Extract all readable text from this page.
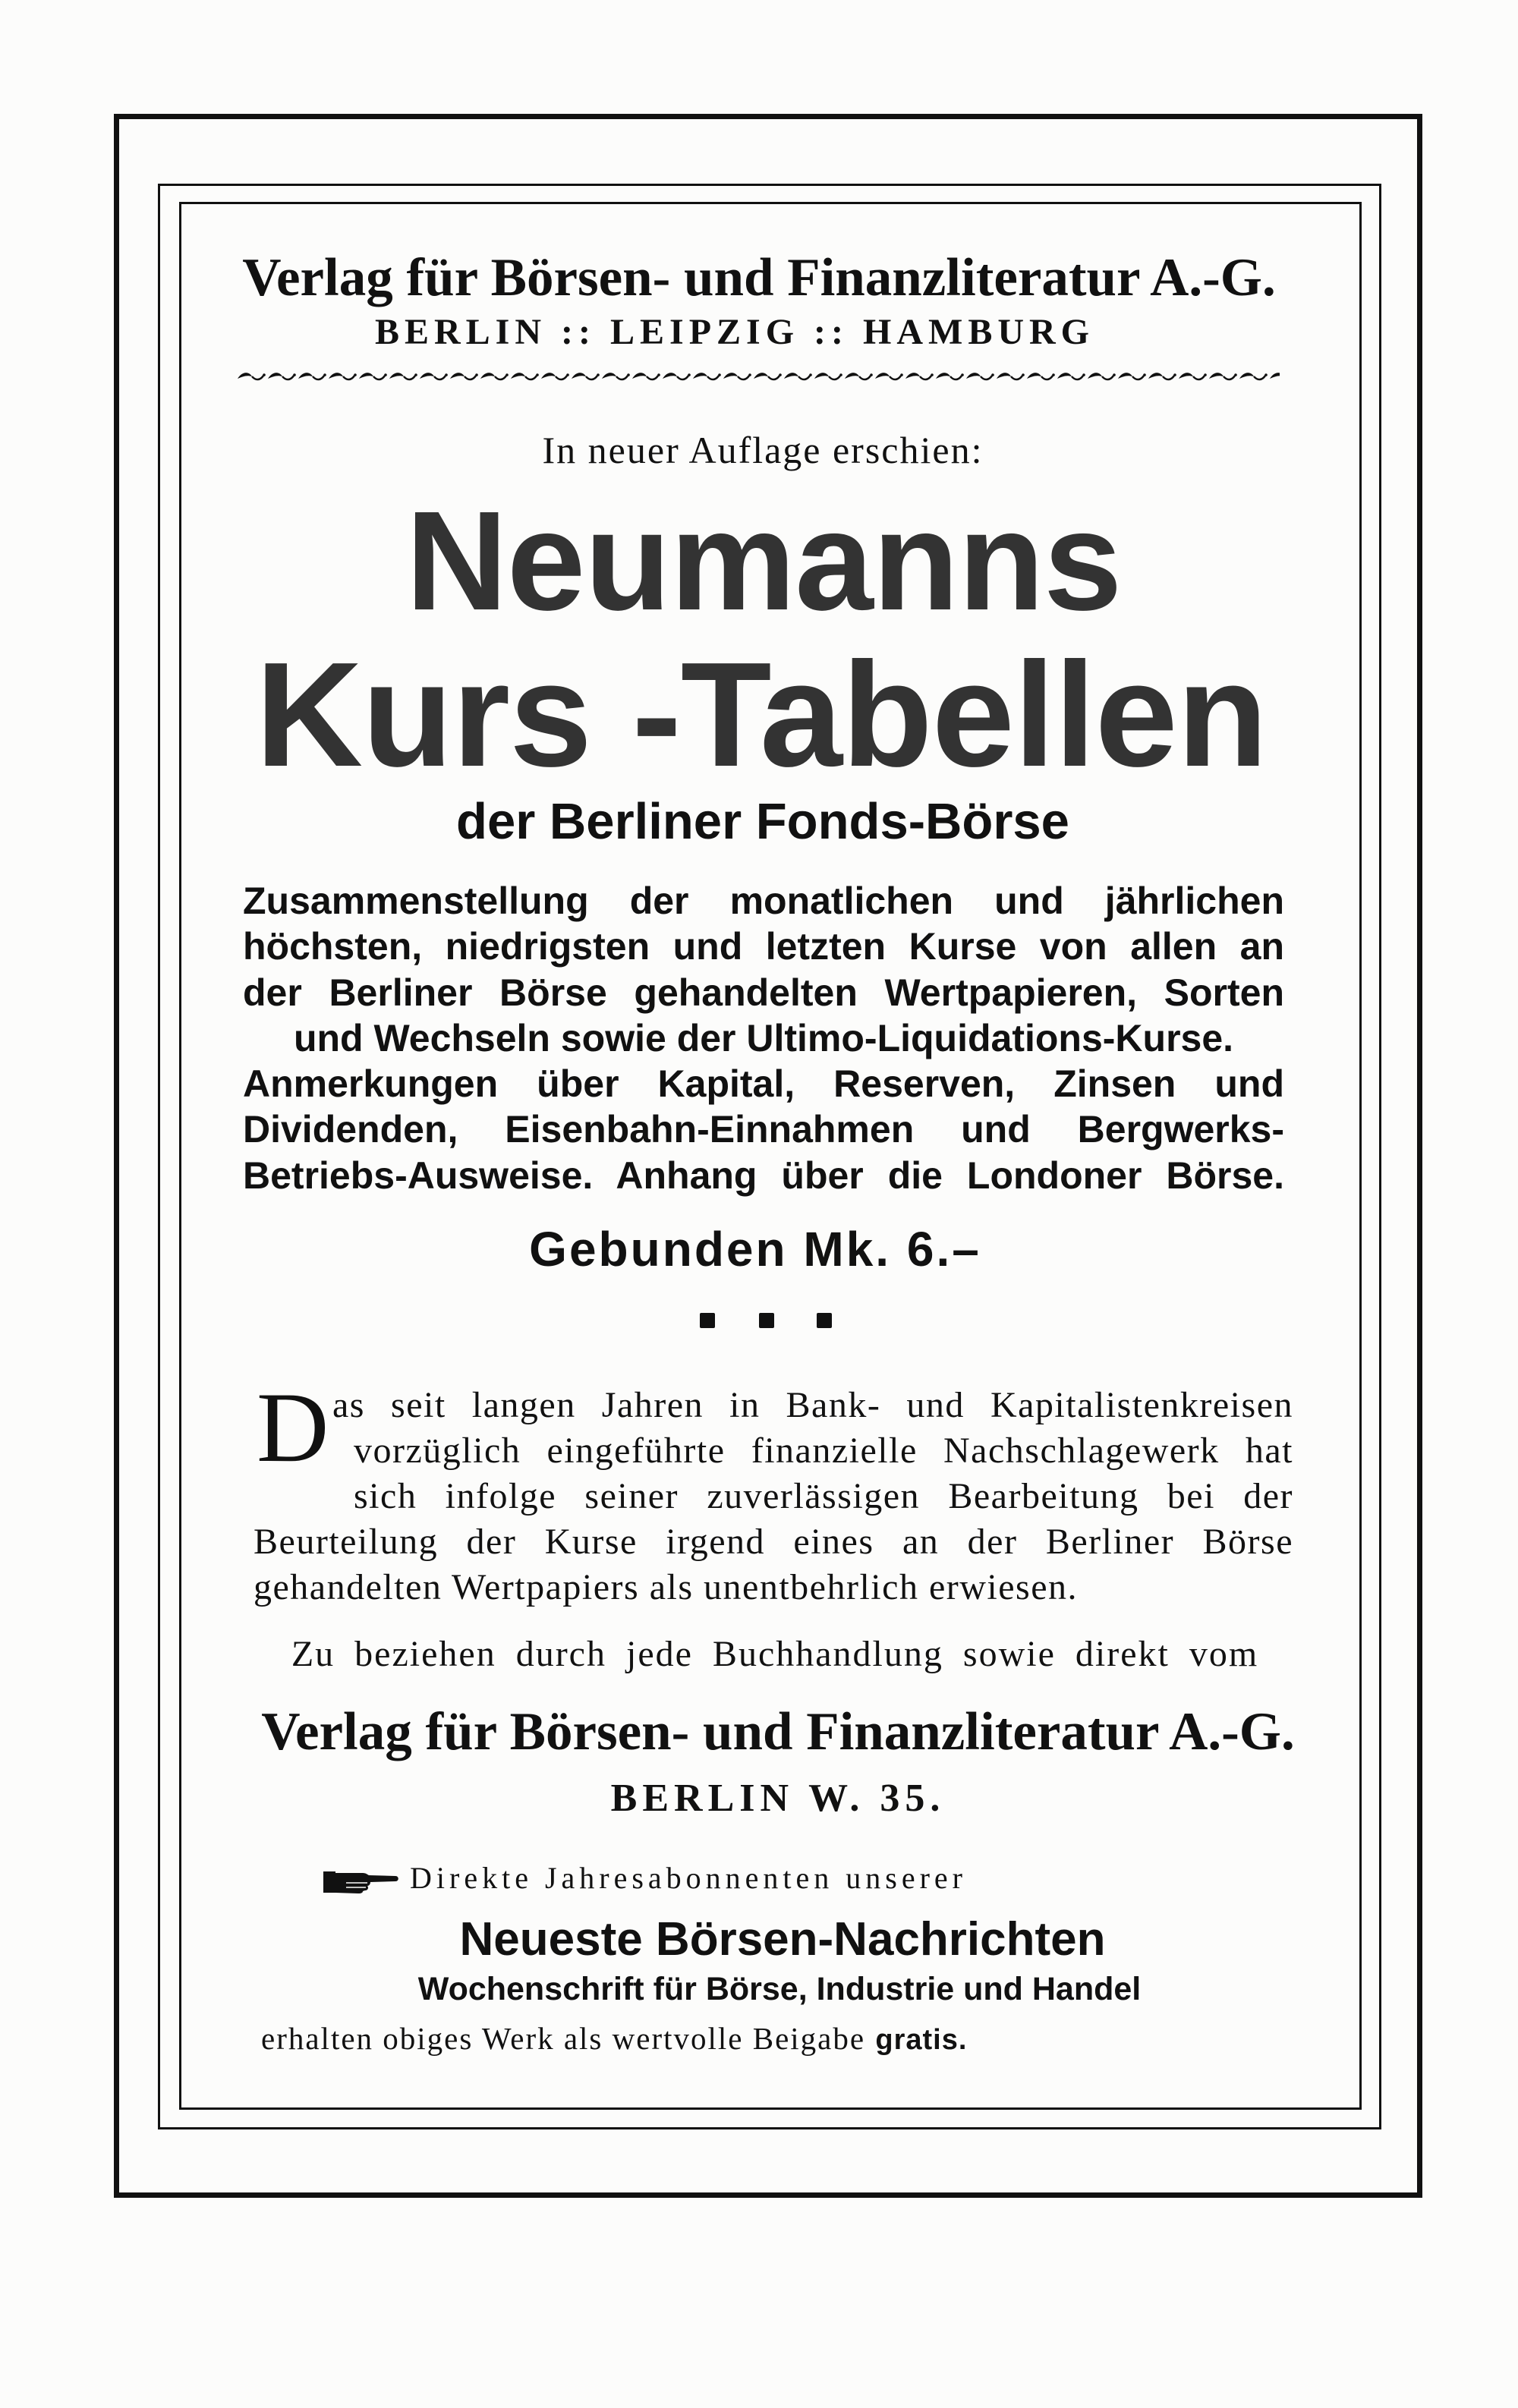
Verlag für Börsen- und Finanzliteratur A.-G.
BERLIN :: LEIPZIG :: HAMBURG
In neuer Auflage erschien:
Neumanns
Kurs -Tabellen
der Berliner Fonds-Börse
Zusammenstellung der monatlichen und jährlichen
höchsten, niedrigsten und letzten Kurse von allen an
der Berliner Börse gehandelten Wertpapieren, Sorten
und Wechseln sowie der Ultimo-Liquidations-Kurse.
Anmerkungen über Kapital, Reserven, Zinsen und
Dividenden, Eisenbahn-Einnahmen und Bergwerks-
Betriebs-Ausweise. Anhang über die Londoner Börse.
Gebunden Mk. 6.–
D as seit langen Jahren in Bank- und Kapitalistenkreisen
vorzüglich eingeführte finanzielle Nachschlagewerk hat
sich infolge seiner zuverlässigen Bearbeitung bei der
Beurteilung der Kurse irgend eines an der Berliner Börse
gehandelten Wertpapiers als unentbehrlich erwiesen.
Zu beziehen durch jede Buchhandlung sowie direkt vom
Verlag für Börsen- und Finanzliteratur A.-G.
BERLIN W. 35.
Direkte Jahresabonnenten unserer
Neueste Börsen-Nachrichten
Wochenschrift für Börse, Industrie und Handel
erhalten obiges Werk als wertvolle Beigabe gratis.
